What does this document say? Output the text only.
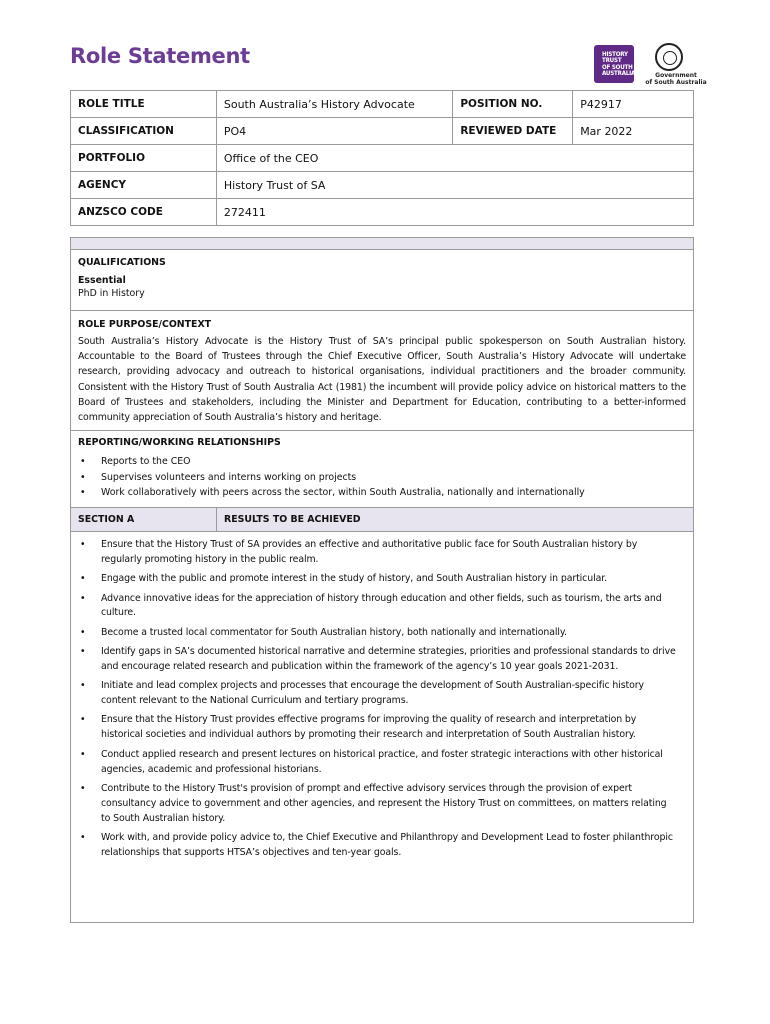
Role Statement	HISTORY
TRUST
OF SOUTH
AUSTRALIA	Government
of South Australia
ROLE TITLE	South Australia’s History Advocate	POSITION NO.	P42917
CLASSIFICATION	PO4	REVIEWED DATE	Mar 2022
PORTFOLIO	Office of the CEO		
AGENCY	History Trust of SA		
ANZSCO CODE	272411		
QUALIFICATIONS
Essential
PhD in History
ROLE PURPOSE/CONTEXT

South Australia’s History Advocate is the History Trust of SA’s principal public spokesperson on South Australian history. Accountable to the Board of Trustees through the Chief Executive Officer, South Australia’s History Advocate will undertake research, providing advocacy and outreach to historical organisations, individual practitioners and the broader community. Consistent with the History Trust of South Australia Act (1981) the incumbent will provide policy advice on historical matters to the Board of Trustees and stakeholders, including the Minister and Department for Education, contributing to a better-informed community appreciation of South Australia’s history and heritage.

REPORTING/WORKING RELATIONSHIPS
• Reports to the CEO
• Supervises volunteers and interns working on projects
• Work collaboratively with peers across the sector, within South Australia, nationally and internationally
SECTION A	RESULTS TO BE ACHIEVED
• Ensure that the History Trust of SA provides an effective and authoritative public face for South Australian history by regularly promoting history in the public realm.
• Engage with the public and promote interest in the study of history, and South Australian history in particular.
• Advance innovative ideas for the appreciation of history through education and other fields, such as tourism, the arts and culture.
• Become a trusted local commentator for South Australian history, both nationally and internationally.
• Identify gaps in SA’s documented historical narrative and determine strategies, priorities and professional standards to drive and encourage related research and publication within the framework of the agency’s 10 year goals 2021-2031.
• Initiate and lead complex projects and processes that encourage the development of South Australian-specific history content relevant to the National Curriculum and tertiary programs.
• Ensure that the History Trust provides effective programs for improving the quality of research and interpretation by historical societies and individual authors by promoting their research and interpretation of South Australian history.
• Conduct applied research and present lectures on historical practice, and foster strategic interactions with other historical agencies, academic and professional historians.
• Contribute to the History Trust's provision of prompt and effective advisory services through the provision of expert consultancy advice to government and other agencies, and represent the History Trust on committees, on matters relating to South Australian history.
• Work with, and provide policy advice to, the Chief Executive and Philanthropy and Development Lead to foster philanthropic relationships that supports HTSA’s objectives and ten-year goals.
